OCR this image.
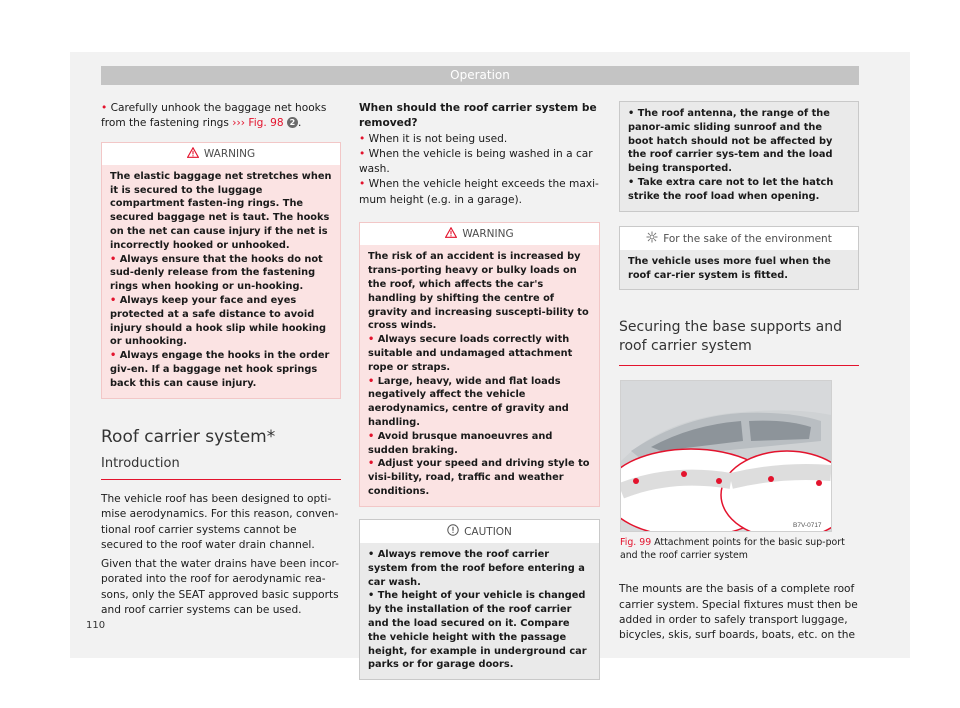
Operation

• Carefully unhook the baggage net hooks from the fastening rings ››› Fig. 98 2 .

WARNING

The elastic baggage net stretches when it is secured to the luggage compartment fasten-ing rings. The secured baggage net is taut. The hooks on the net can cause injury if the net is incorrectly hooked or unhooked.

• Always ensure that the hooks do not sud-denly release from the fastening rings when hooking or un-hooking.

• Always keep your face and eyes protected at a safe distance to avoid injury should a hook slip while hooking or unhooking.

• Always engage the hooks in the order giv-en. If a baggage net hook springs back this can cause injury.

Roof carrier system*
Introduction

The vehicle roof has been designed to opti-mise aerodynamics. For this reason, conven-tional roof carrier systems cannot be secured to the roof water drain channel.

Given that the water drains have been incor-porated into the roof for aerodynamic rea-sons, only the SEAT approved basic supports and roof carrier systems can be used.

When should the roof carrier system be removed?

• When it is not being used.

• When the vehicle is being washed in a car wash.

• When the vehicle height exceeds the maxi-mum height (e.g. in a garage).

WARNING

The risk of an accident is increased by trans-porting heavy or bulky loads on the roof, which affects the car's handling by shifting the centre of gravity and increasing suscepti-bility to cross winds.

• Always secure loads correctly with suitable and undamaged attachment rope or straps.

• Large, heavy, wide and flat loads negatively affect the vehicle aerodynamics, centre of gravity and handling.

• Avoid brusque manoeuvres and sudden braking.

• Adjust your speed and driving style to visi-bility, road, traffic and weather conditions.

CAUTION

• Always remove the roof carrier system from the roof before entering a car wash.

• The height of your vehicle is changed by the installation of the roof carrier and the load secured on it. Compare the vehicle height with the passage height, for example in underground car parks or for garage doors.

• The roof antenna, the range of the panor-amic sliding sunroof and the boot hatch should not be affected by the roof carrier sys-tem and the load being transported.

• Take extra care not to let the hatch strike the roof load when opening.

For the sake of the environment

The vehicle uses more fuel when the roof car-rier system is fitted.

Securing the base supports and roof carrier system
B7V-0717
Fig. 99 Attachment points for the basic sup-port and the roof carrier system

The mounts are the basis of a complete roof carrier system. Special fixtures must then be added in order to safely transport luggage, bicycles, skis, surf boards, boats, etc. on the

110
